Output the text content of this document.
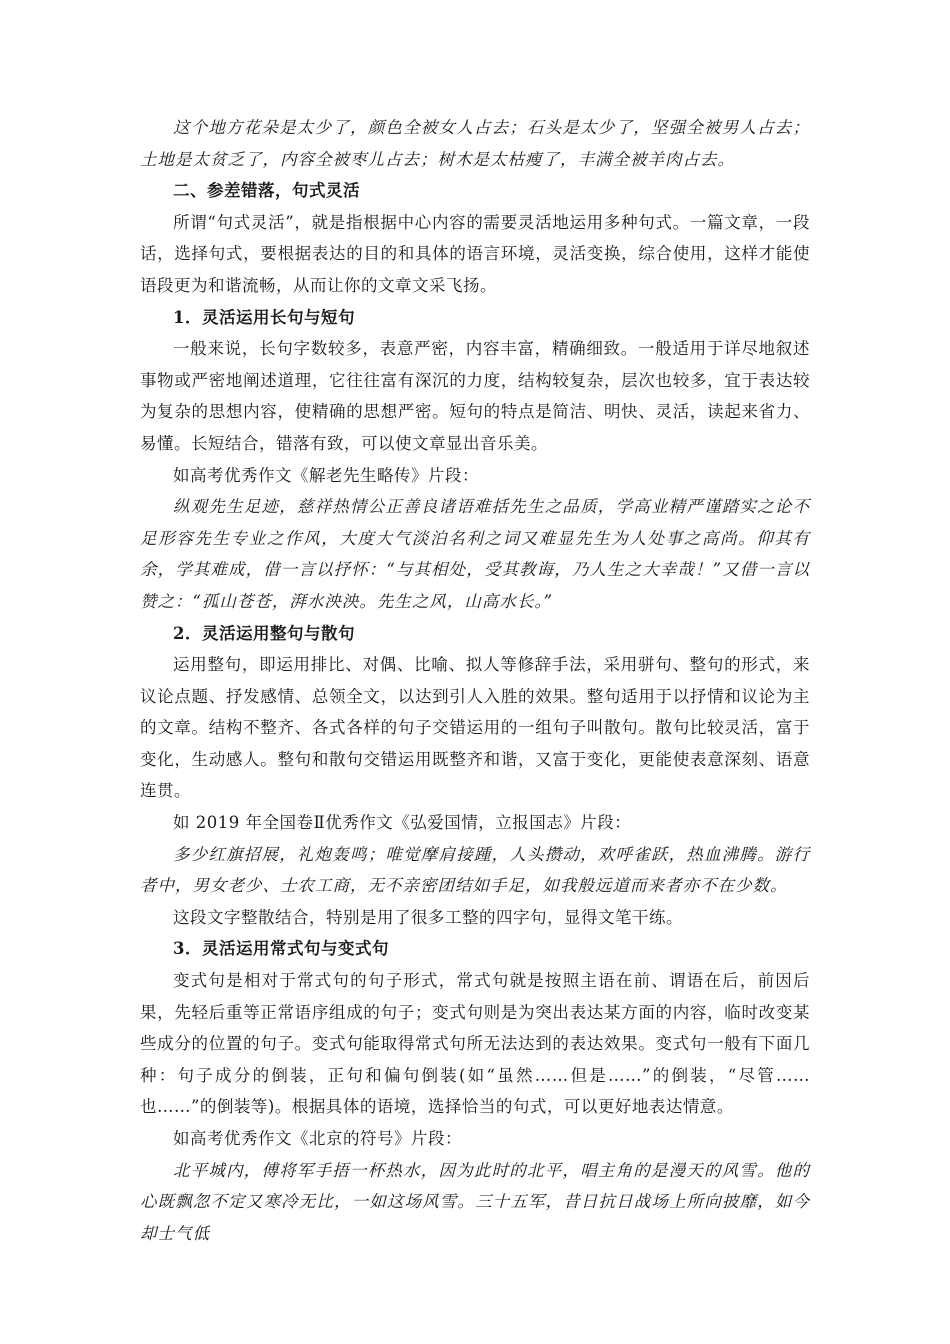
这个地方花朵是太少了，颜色全被女人占去；石头是太少了，坚强全被男人占去；土地是太贫乏了，内容全被枣儿占去；树木是太枯瘦了，丰满全被羊肉占去。

二、参差错落，句式灵活

所谓“句式灵活”，就是指根据中心内容的需要灵活地运用多种句式。一篇文章，一段话，选择句式，要根据表达的目的和具体的语言环境，灵活变换，综合使用，这样才能使语段更为和谐流畅，从而让你的文章文采飞扬。

1．灵活运用长句与短句

一般来说，长句字数较多，表意严密，内容丰富，精确细致。一般适用于详尽地叙述事物或严密地阐述道理，它往往富有深沉的力度，结构较复杂，层次也较多，宜于表达较为复杂的思想内容，使精确的思想严密。短句的特点是简洁、明快、灵活，读起来省力、易懂。长短结合，错落有致，可以使文章显出音乐美。

如高考优秀作文《解老先生略传》片段：

纵观先生足迹，慈祥热情公正善良诸语难括先生之品质，学高业精严谨踏实之论不足形容先生专业之作风，大度大气淡泊名利之词又难显先生为人处事之高尚。仰其有余，学其难成，借一言以抒怀：“与其相处，受其教诲，乃人生之大幸哉！”又借一言以赞之：“孤山苍苍，湃水泱泱。先生之风，山高水长。”

2．灵活运用整句与散句

运用整句，即运用排比、对偶、比喻、拟人等修辞手法，采用骈句、整句的形式，来议论点题、抒发感情、总领全文，以达到引人入胜的效果。整句适用于以抒情和议论为主的文章。结构不整齐、各式各样的句子交错运用的一组句子叫散句。散句比较灵活，富于变化，生动感人。整句和散句交错运用既整齐和谐，又富于变化，更能使表意深刻、语意连贯。

如 2019 年全国卷Ⅱ优秀作文《弘爱国情，立报国志》片段：

多少红旗招展，礼炮轰鸣；唯觉摩肩接踵，人头攒动，欢呼雀跃，热血沸腾。游行者中，男女老少、士农工商，无不亲密团结如手足，如我般远道而来者亦不在少数。

这段文字整散结合，特别是用了很多工整的四字句，显得文笔干练。

3．灵活运用常式句与变式句

变式句是相对于常式句的句子形式，常式句就是按照主语在前、谓语在后，前因后果，先轻后重等正常语序组成的句子；变式句则是为突出表达某方面的内容，临时改变某些成分的位置的句子。变式句能取得常式句所无法达到的表达效果。变式句一般有下面几种：句子成分的倒装，正句和偏句倒装(如“虽然……但是……”的倒装，“尽管……也……”的倒装等)。根据具体的语境，选择恰当的句式，可以更好地表达情意。

如高考优秀作文《北京的符号》片段：

北平城内，傅将军手捂一杯热水，因为此时的北平，唱主角的是漫天的风雪。他的心既飘忽不定又寒冷无比，一如这场风雪。三十五军，昔日抗日战场上所向披靡，如今却士气低
